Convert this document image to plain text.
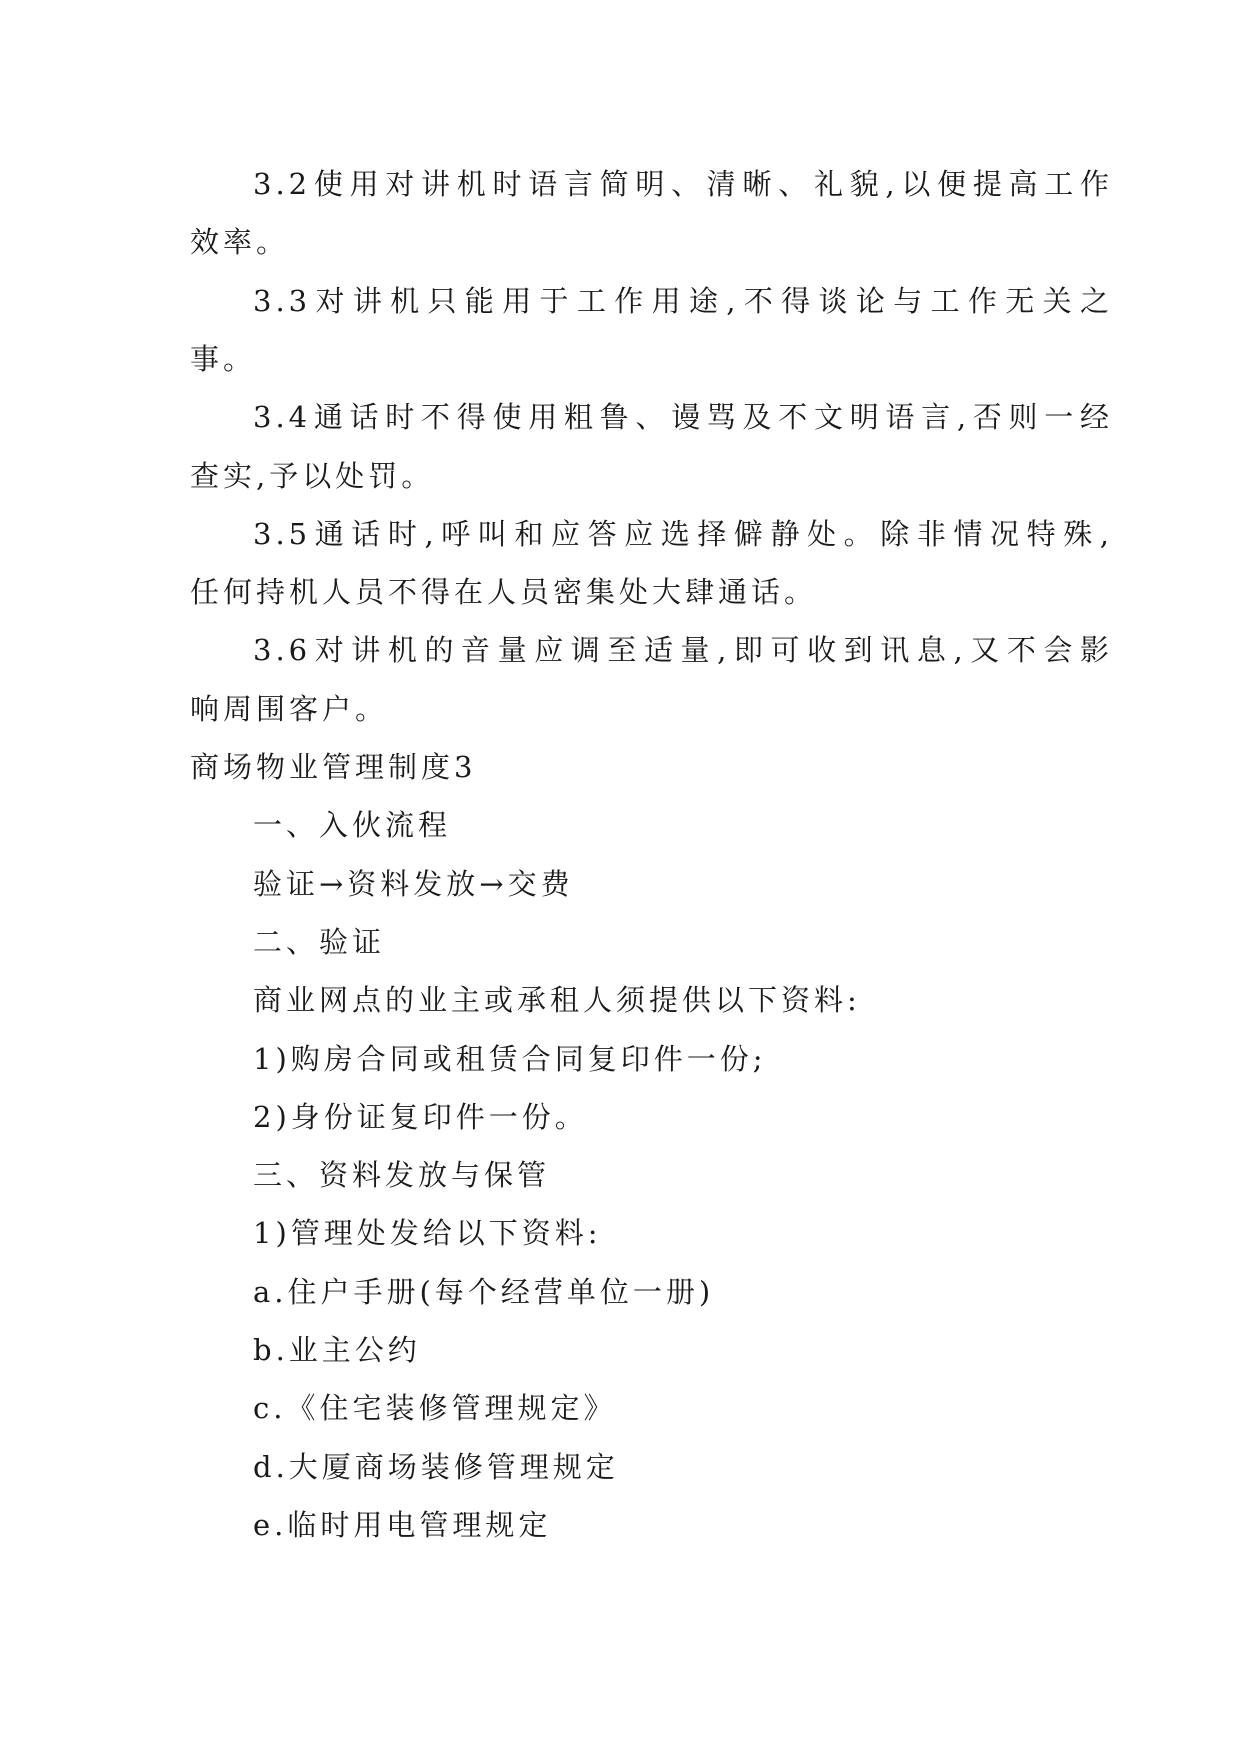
3.2使用对讲机时语言简明、清晰、礼貌,以便提高工作
效率。
3.3对讲机只能用于工作用途,不得谈论与工作无关之
事。
3.4通话时不得使用粗鲁、谩骂及不文明语言,否则一经
查实,予以处罚。
3.5通话时,呼叫和应答应选择僻静处。除非情况特殊,
任何持机人员不得在人员密集处大肆通话。
3.6对讲机的音量应调至适量,即可收到讯息,又不会影
响周围客户。
商场物业管理制度3
一、入伙流程
验证→资料发放→交费
二、验证
商业网点的业主或承租人须提供以下资料:
1)购房合同或租赁合同复印件一份;
2)身份证复印件一份。
三、资料发放与保管
1)管理处发给以下资料:
a.住户手册(每个经营单位一册)
b.业主公约
c.《住宅装修管理规定》
d.大厦商场装修管理规定
e.临时用电管理规定
